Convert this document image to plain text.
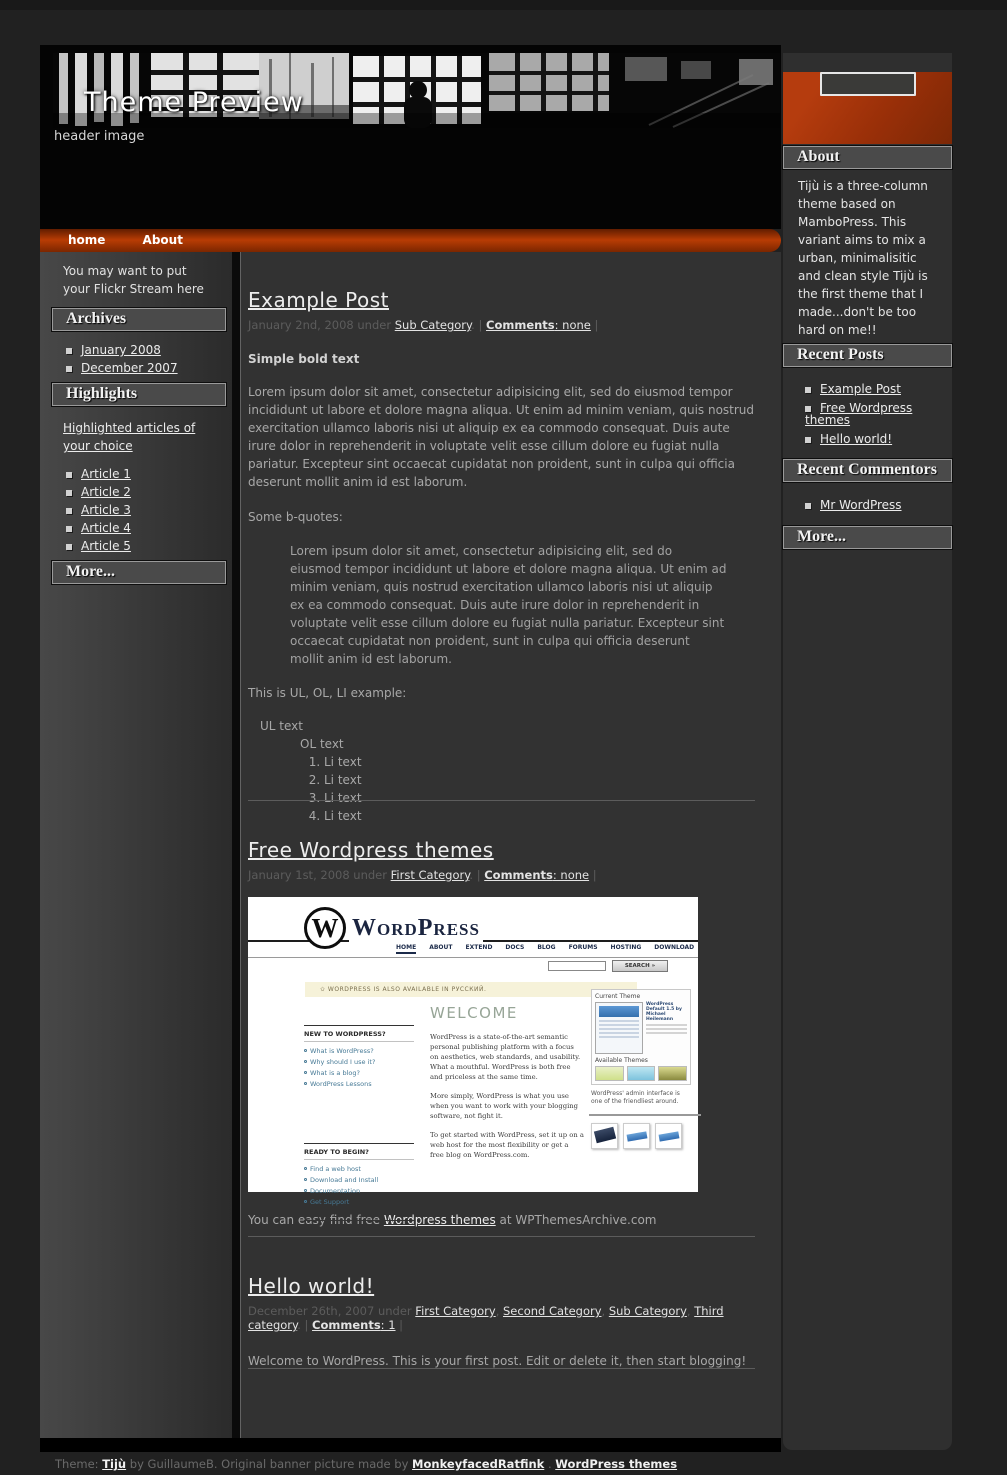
Theme Preview
header image
home	About
You may want to put your Flickr Stream here
Archives
January 2008
December 2007
Highlights
Highlighted articles of your choice
Article 1
Article 2
Article 3
Article 4
Article 5
More...
Example Post
January 2nd, 2008 under Sub Category. | Comments: none |
Simple bold text

Lorem ipsum dolor sit amet, consectetur adipisicing elit, sed do eiusmod tempor incididunt ut labore et dolore magna aliqua. Ut enim ad minim veniam, quis nostrud exercitation ullamco laboris nisi ut aliquip ex ea commodo consequat. Duis aute irure dolor in reprehenderit in voluptate velit esse cillum dolore eu fugiat nulla pariatur. Excepteur sint occaecat cupidatat non proident, sunt in culpa qui officia deserunt mollit anim id est laborum.

Some b-quotes:

Lorem ipsum dolor sit amet, consectetur adipisicing elit, sed do eiusmod tempor incididunt ut labore et dolore magna aliqua. Ut enim ad minim veniam, quis nostrud exercitation ullamco laboris nisi ut aliquip ex ea commodo consequat. Duis aute irure dolor in reprehenderit in voluptate velit esse cillum dolore eu fugiat nulla pariatur. Excepteur sint occaecat cupidatat non proident, sunt in culpa qui officia deserunt mollit anim id est laborum.

This is UL, OL, LI example:

UL text
OL text
1. Li text
2. Li text
3. Li text
4. Li text
Free Wordpress themes
January 1st, 2008 under First Category. | Comments: none |
W WordPress
HOME ABOUT EXTEND DOCS BLOG FORUMS HOSTING DOWNLOAD
SEARCH »
✩ WORDPRESS IS ALSO AVAILABLE IN РУССКИЙ.
NEW TO WORDPRESS?
What is WordPress?
Why should I use it?
What is a blog?
WordPress Lessons
READY TO BEGIN?
Find a web host
Download and Install
Documentation
Get Support
WELCOME

WordPress is a state-of-the-art semantic personal publishing platform with a focus on aesthetics, web standards, and usability. What a mouthful. WordPress is both free and priceless at the same time.

More simply, WordPress is what you use when you want to work with your blogging software, not fight it.

To get started with WordPress, set it up on a web host for the most flexibility or get a free blog on WordPress.com.

Current Theme
WordPress Default 1.5 by Michael Heilemann
Available Themes
WordPress' admin interface is one of the friendliest around.
You can easy find free Wordpress themes at WPThemesArchive.com
Hello world!
December 26th, 2007 under First Category, Second Category, Sub Category, Third category. | Comments: 1 |

Welcome to WordPress. This is your first post. Edit or delete it, then start blogging!

About
Tijù is a three-column theme based on MamboPress. This variant aims to mix a urban, minimalisitic and clean style Tijù is the first theme that I made...don't be too hard on me!!
Recent Posts
Example Post
Free Wordpress themes
Hello world!
Recent Commentors
Mr WordPress
More...
Theme: Tijù by GuillaumeB. Original banner picture made by MonkeyfacedRatfink . WordPress themes
